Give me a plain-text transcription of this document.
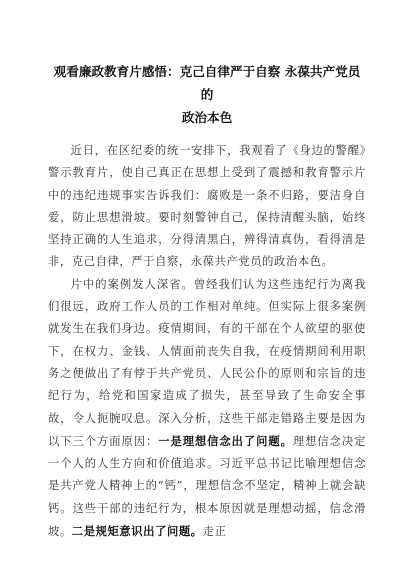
观看廉政教育片感悟：克己自律严于自察 永葆共产党员的
政治本色

近日，在区纪委的统一安排下，我观看了《身边的警醒》警示教育片，使自己真正在思想上受到了震撼和教育警示片中的违纪违规事实告诉我们：腐败是一条不归路，要洁身自爱，防止思想滑坡。要时刻警钟自己，保持清醒头脑，始终坚持正确的人生追求，分得清黑白，辨得清真伪，看得清是非，克己自律，严于自察，永葆共产党员的政治本色。

片中的案例发人深省。曾经我们认为这些违纪行为离我们很远，政府工作人员的工作相对单纯。但实际上很多案例就发生在我们身边。疫情期间，有的干部在个人欲望的驱使下，在权力、金钱、人情面前丧失自我，在疫情期间利用职务之便做出了有悖于共产党员、人民公仆的原则和宗旨的违纪行为，给党和国家造成了损失，甚至导致了生命安全事故，令人扼腕叹息。深入分析，这些干部走错路主要是因为以下三个方面原因：一是理想信念出了问题。理想信念决定一个人的人生方向和价值追求。习近平总书记比喻理想信念是共产党人精神上的“钙”，理想信念不坚定，精神上就会缺钙。这些干部的违纪行为，根本原因就是理想动摇，信念滑坡。二是规矩意识出了问题。走正
